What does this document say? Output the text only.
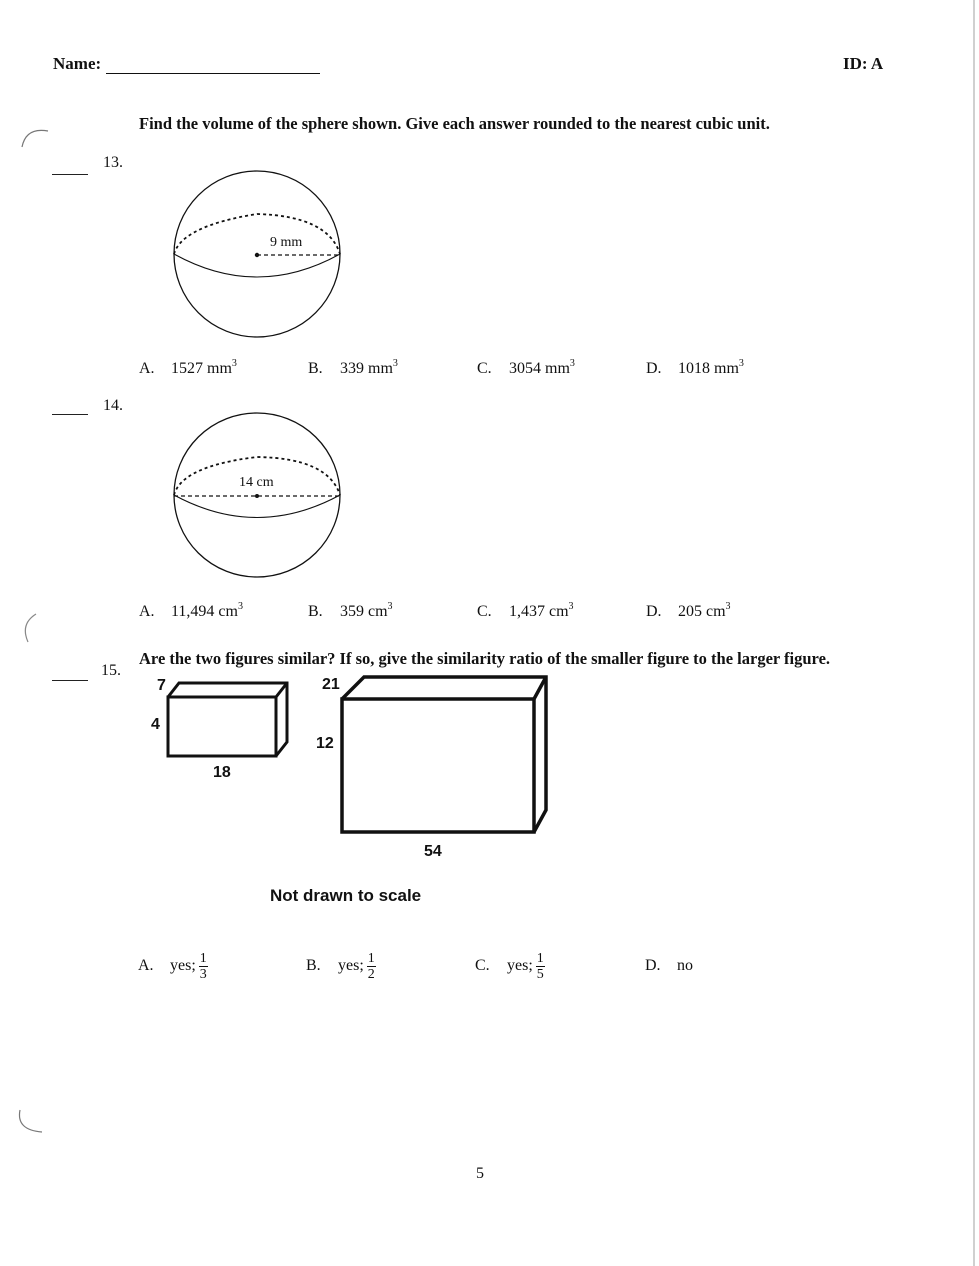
Name:	ID: A
Find the volume of the sphere shown. Give each answer rounded to the nearest cubic unit.
13.
9 mm
A. 1527 $mm^3$	B. 339 $mm^3$	C. 3054 $mm^3$	D. 1018 $mm^3$
14.
14 cm
A. 11,494 $cm^3$	B. 359 $cm^3$	C. 1,437 $cm^3$	D. 205 $cm^3$
Are the two figures similar? If so, give the similarity ratio of the smaller figure to the larger figure.
15.
7
4
18
21
12
54
Not drawn to scale
A. yes; $\frac{1}{3}$	B. yes; $\frac{1}{2}$	C. yes; $\frac{1}{5}$	D. no
5
